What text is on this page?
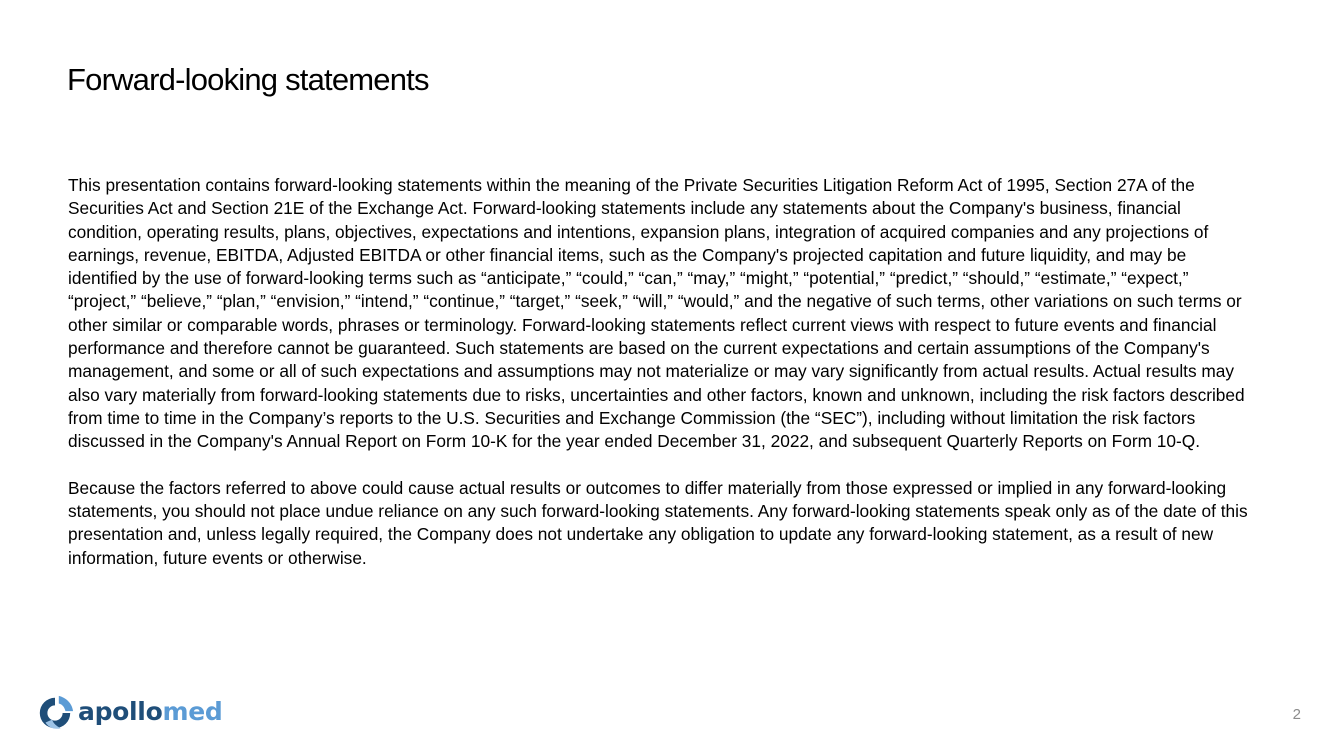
Forward-looking statements

This presentation contains forward-looking statements within the meaning of the Private Securities Litigation Reform Act of 1995, Section 27A of the Securities Act and Section 21E of the Exchange Act. Forward-looking statements include any statements about the Company's business, financial condition, operating results, plans, objectives, expectations and intentions, expansion plans, integration of acquired companies and any projections of earnings, revenue, EBITDA, Adjusted EBITDA or other financial items, such as the Company's projected capitation and future liquidity, and may be identified by the use of forward-looking terms such as “anticipate,” “could,” “can,” “may,” “might,” “potential,” “predict,” “should,” “estimate,” “expect,” “project,” “believe,” “plan,” “envision,” “intend,” “continue,” “target,” “seek,” “will,” “would,” and the negative of such terms, other variations on such terms or other similar or comparable words, phrases or terminology. Forward-looking statements reflect current views with respect to future events and financial performance and therefore cannot be guaranteed. Such statements are based on the current expectations and certain assumptions of the Company's management, and some or all of such expectations and assumptions may not materialize or may vary significantly from actual results. Actual results may also vary materially from forward-looking statements due to risks, uncertainties and other factors, known and unknown, including the risk factors described from time to time in the Company’s reports to the U.S. Securities and Exchange Commission (the “SEC”), including without limitation the risk factors discussed in the Company's Annual Report on Form 10-K for the year ended December 31, 2022, and subsequent Quarterly Reports on Form 10-Q.

Because the factors referred to above could cause actual results or outcomes to differ materially from those expressed or implied in any forward-looking statements, you should not place undue reliance on any such forward-looking statements. Any forward-looking statements speak only as of the date of this presentation and, unless legally required, the Company does not undertake any obligation to update any forward-looking statement, as a result of new information, future events or otherwise.

apollomed	2
